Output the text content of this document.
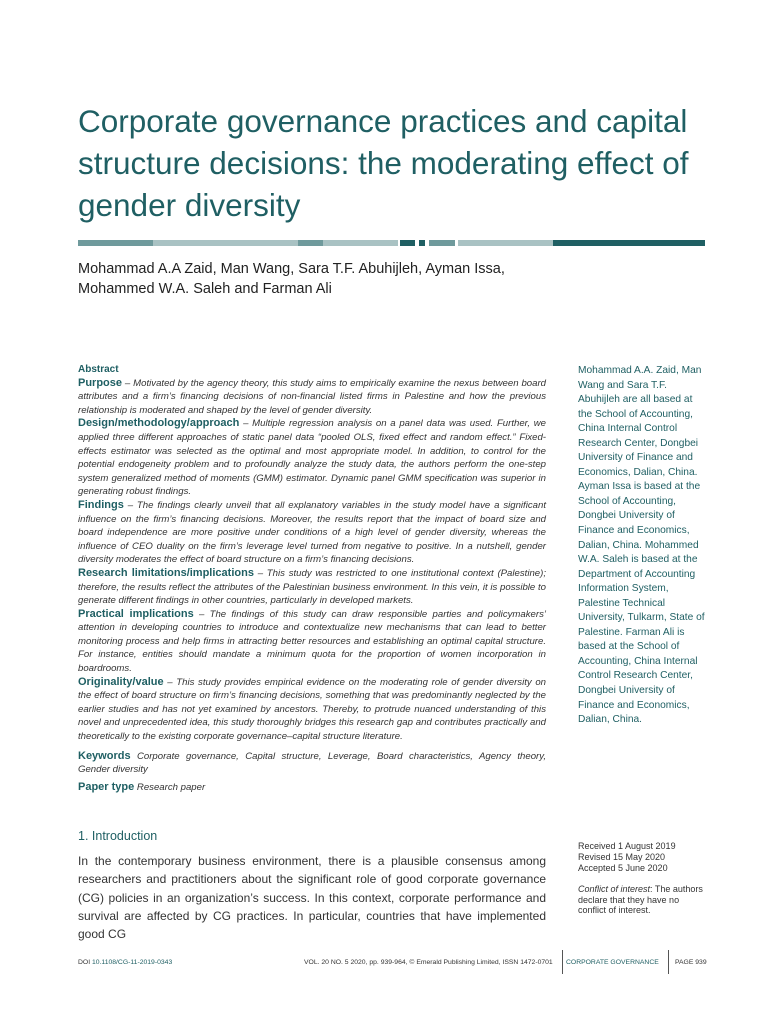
Corporate governance practices and capital structure decisions: the moderating effect of gender diversity
Mohammad A.A Zaid, Man Wang, Sara T.F. Abuhijleh, Ayman Issa,
Mohammed W.A. Saleh and Farman Ali
Abstract

Purpose – Motivated by the agency theory, this study aims to empirically examine the nexus between board attributes and a firm’s financing decisions of non-financial listed firms in Palestine and how the previous relationship is moderated and shaped by the level of gender diversity.

Design/methodology/approach – Multiple regression analysis on a panel data was used. Further, we applied three different approaches of static panel data “pooled OLS, fixed effect and random effect.” Fixed-effects estimator was selected as the optimal and most appropriate model. In addition, to control for the potential endogeneity problem and to profoundly analyze the study data, the authors perform the one-step system generalized method of moments (GMM) estimator. Dynamic panel GMM specification was superior in generating robust findings.

Findings – The findings clearly unveil that all explanatory variables in the study model have a significant influence on the firm’s financing decisions. Moreover, the results report that the impact of board size and board independence are more positive under conditions of a high level of gender diversity, whereas the influence of CEO duality on the firm’s leverage level turned from negative to positive. In a nutshell, gender diversity moderates the effect of board structure on a firm’s financing decisions.

Research limitations/implications – This study was restricted to one institutional context (Palestine); therefore, the results reflect the attributes of the Palestinian business environment. In this vein, it is possible to generate different findings in other countries, particularly in developed markets.

Practical implications – The findings of this study can draw responsible parties and policymakers’ attention in developing countries to introduce and contextualize new mechanisms that can lead to better monitoring process and help firms in attracting better resources and establishing an optimal capital structure. For instance, entities should mandate a minimum quota for the proportion of women incorporation in boardrooms.

Originality/value – This study provides empirical evidence on the moderating role of gender diversity on the effect of board structure on firm’s financing decisions, something that was predominantly neglected by the earlier studies and has not yet examined by ancestors. Thereby, to protrude nuanced understanding of this novel and unprecedented idea, this study thoroughly bridges this research gap and contributes practically and theoretically to the existing corporate governance–capital structure literature.

Keywords Corporate governance, Capital structure, Leverage, Board characteristics, Agency theory, Gender diversity

Paper type Research paper

Mohammad A.A. Zaid, Man Wang and Sara T.F. Abuhijleh are all based at the School of Accounting, China Internal Control Research Center, Dongbei University of Finance and Economics, Dalian, China. Ayman Issa is based at the School of Accounting, Dongbei University of Finance and Economics, Dalian, China. Mohammed W.A. Saleh is based at the Department of Accounting Information System, Palestine Technical University, Tulkarm, State of Palestine. Farman Ali is based at the School of Accounting, China Internal Control Research Center, Dongbei University of Finance and Economics, Dalian, China.
1. Introduction
In the contemporary business environment, there is a plausible consensus among researchers and practitioners about the significant role of good corporate governance (CG) policies in an organization’s success. In this context, corporate performance and survival are affected by CG practices. In particular, countries that have implemented good CG
Received 1 August 2019
Revised 15 May 2020
Accepted 5 June 2020
Conflict of interest: The authors declare that they have no conflict of interest.
DOI 10.1108/CG-11-2019-0343	VOL. 20 NO. 5 2020, pp. 939-964, © Emerald Publishing Limited, ISSN 1472-0701 CORPORATE GOVERNANCE PAGE 939
